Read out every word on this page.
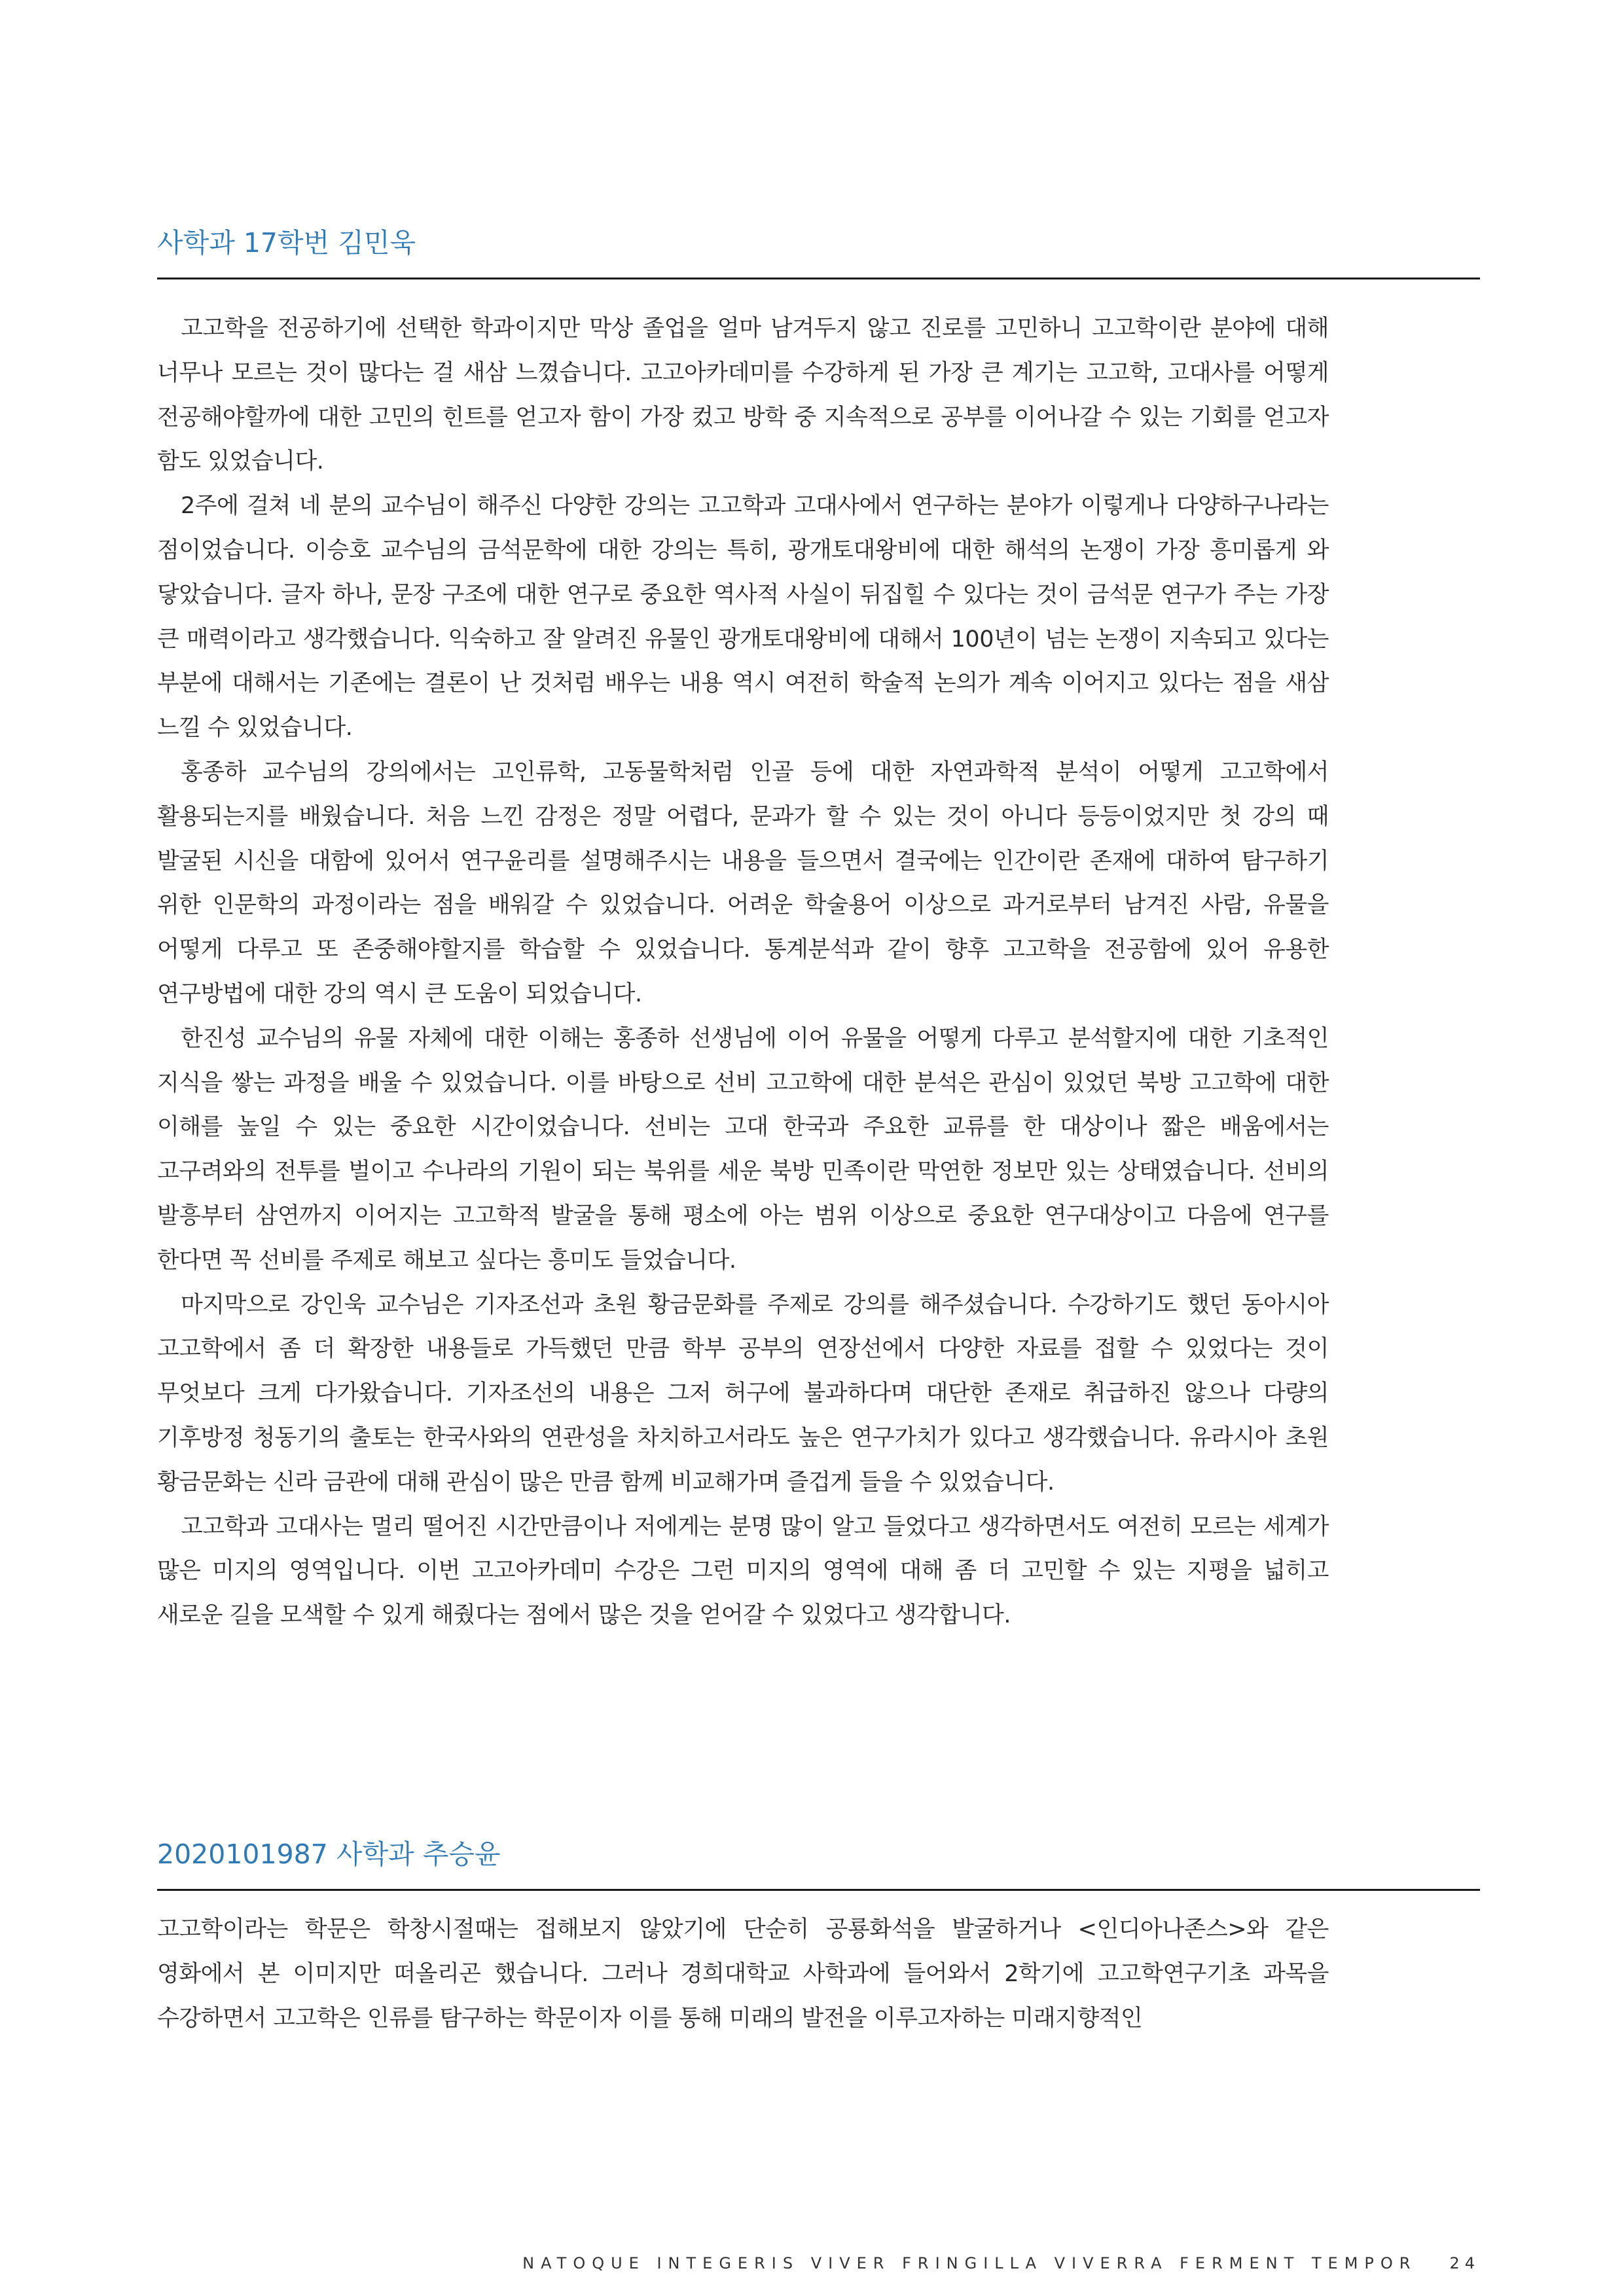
사학과 17학번 김민욱

고고학을 전공하기에 선택한 학과이지만 막상 졸업을 얼마 남겨두지 않고 진로를 고민하니 고고학이란 분야에 대해 너무나 모르는 것이 많다는 걸 새삼 느꼈습니다. 고고아카데미를 수강하게 된 가장 큰 계기는 고고학, 고대사를 어떻게 전공해야할까에 대한 고민의 힌트를 얻고자 함이 가장 컸고 방학 중 지속적으로 공부를 이어나갈 수 있는 기회를 얻고자 함도 있었습니다.

2주에 걸쳐 네 분의 교수님이 해주신 다양한 강의는 고고학과 고대사에서 연구하는 분야가 이렇게나 다양하구나라는 점이었습니다. 이승호 교수님의 금석문학에 대한 강의는 특히, 광개토대왕비에 대한 해석의 논쟁이 가장 흥미롭게 와 닿았습니다. 글자 하나, 문장 구조에 대한 연구로 중요한 역사적 사실이 뒤집힐 수 있다는 것이 금석문 연구가 주는 가장 큰 매력이라고 생각했습니다. 익숙하고 잘 알려진 유물인 광개토대왕비에 대해서 100년이 넘는 논쟁이 지속되고 있다는 부분에 대해서는 기존에는 결론이 난 것처럼 배우는 내용 역시 여전히 학술적 논의가 계속 이어지고 있다는 점을 새삼 느낄 수 있었습니다.

홍종하 교수님의 강의에서는 고인류학, 고동물학처럼 인골 등에 대한 자연과학적 분석이 어떻게 고고학에서 활용되는지를 배웠습니다. 처음 느낀 감정은 정말 어렵다, 문과가 할 수 있는 것이 아니다 등등이었지만 첫 강의 때 발굴된 시신을 대함에 있어서 연구윤리를 설명해주시는 내용을 들으면서 결국에는 인간이란 존재에 대하여 탐구하기 위한 인문학의 과정이라는 점을 배워갈 수 있었습니다. 어려운 학술용어 이상으로 과거로부터 남겨진 사람, 유물을 어떻게 다루고 또 존중해야할지를 학습할 수 있었습니다. 통계분석과 같이 향후 고고학을 전공함에 있어 유용한 연구방법에 대한 강의 역시 큰 도움이 되었습니다.

한진성 교수님의 유물 자체에 대한 이해는 홍종하 선생님에 이어 유물을 어떻게 다루고 분석할지에 대한 기초적인 지식을 쌓는 과정을 배울 수 있었습니다. 이를 바탕으로 선비 고고학에 대한 분석은 관심이 있었던 북방 고고학에 대한 이해를 높일 수 있는 중요한 시간이었습니다. 선비는 고대 한국과 주요한 교류를 한 대상이나 짧은 배움에서는 고구려와의 전투를 벌이고 수나라의 기원이 되는 북위를 세운 북방 민족이란 막연한 정보만 있는 상태였습니다. 선비의 발흥부터 삼연까지 이어지는 고고학적 발굴을 통해 평소에 아는 범위 이상으로 중요한 연구대상이고 다음에 연구를 한다면 꼭 선비를 주제로 해보고 싶다는 흥미도 들었습니다.

마지막으로 강인욱 교수님은 기자조선과 초원 황금문화를 주제로 강의를 해주셨습니다. 수강하기도 했던 동아시아 고고학에서 좀 더 확장한 내용들로 가득했던 만큼 학부 공부의 연장선에서 다양한 자료를 접할 수 있었다는 것이 무엇보다 크게 다가왔습니다. 기자조선의 내용은 그저 허구에 불과하다며 대단한 존재로 취급하진 않으나 다량의 기후방정 청동기의 출토는 한국사와의 연관성을 차치하고서라도 높은 연구가치가 있다고 생각했습니다. 유라시아 초원 황금문화는 신라 금관에 대해 관심이 많은 만큼 함께 비교해가며 즐겁게 들을 수 있었습니다.

고고학과 고대사는 멀리 떨어진 시간만큼이나 저에게는 분명 많이 알고 들었다고 생각하면서도 여전히 모르는 세계가 많은 미지의 영역입니다. 이번 고고아카데미 수강은 그런 미지의 영역에 대해 좀 더 고민할 수 있는 지평을 넓히고 새로운 길을 모색할 수 있게 해줬다는 점에서 많은 것을 얻어갈 수 있었다고 생각합니다.

2020101987 사학과 추승윤

고고학이라는 학문은 학창시절때는 접해보지 않았기에 단순히 공룡화석을 발굴하거나 <인디아나존스>와 같은 영화에서 본 이미지만 떠올리곤 했습니다. 그러나 경희대학교 사학과에 들어와서 2학기에 고고학연구기초 과목을 수강하면서 고고학은 인류를 탐구하는 학문이자 이를 통해 미래의 발전을 이루고자하는 미래지향적인

NATOQUE INTEGERIS VIVER FRINGILLA VIVERRA FERMENT TEMPOR 24
